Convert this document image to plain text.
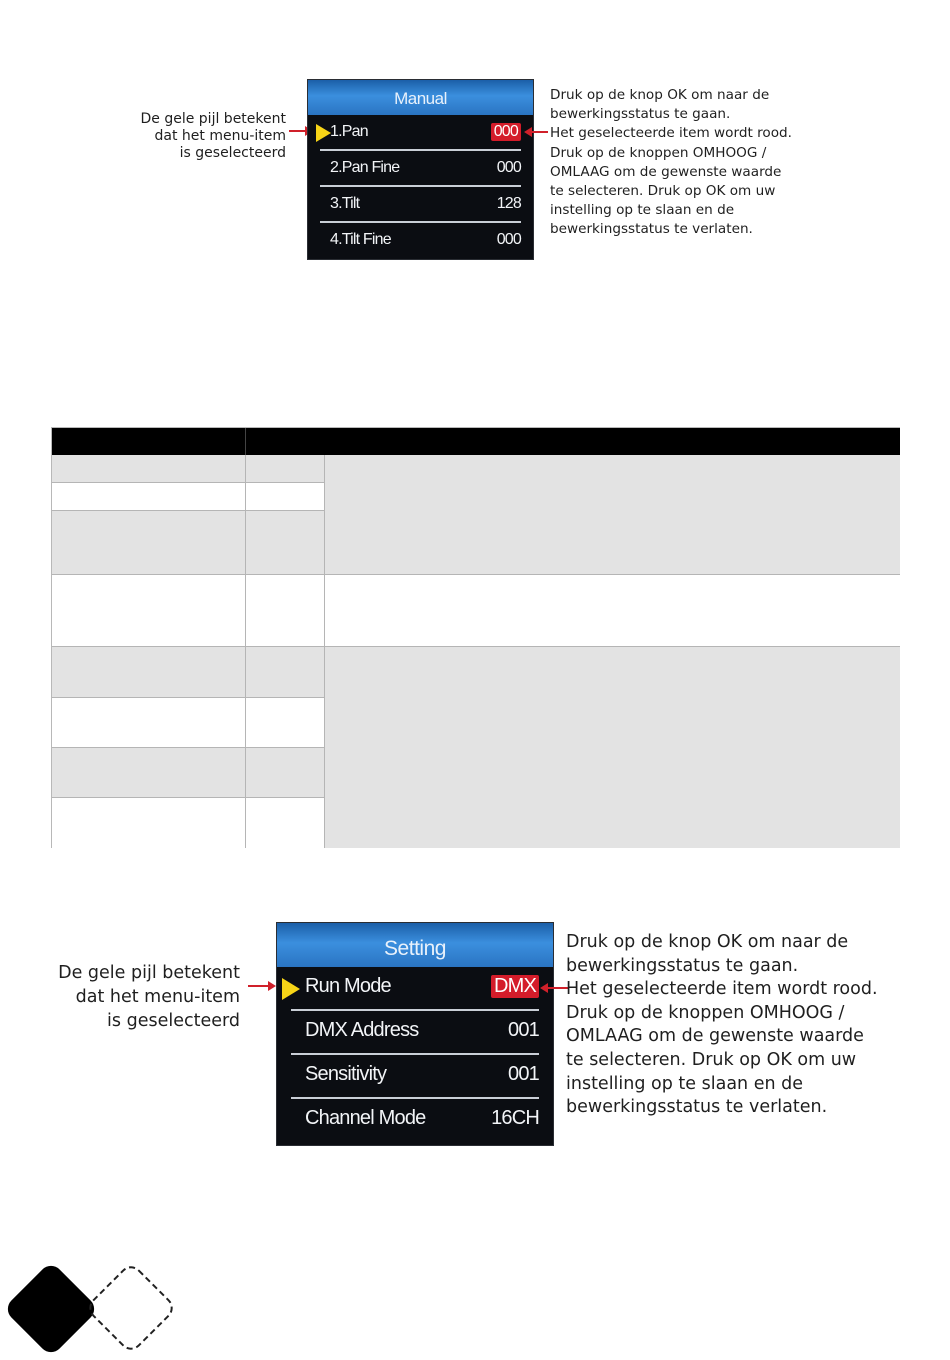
De gele pijl betekent
dat het menu-item
is geselecteerd
Manual
1.Pan	000
2.Pan Fine	000
3.Tilt	128
4.Tilt Fine	000
Druk op de knop OK om naar de
bewerkingsstatus te gaan.
Het geselecteerde item wordt rood.
Druk op de knoppen OMHOOG /
OMLAAG om de gewenste waarde
te selecteren. Druk op OK om uw
instelling op te slaan en de
bewerkingsstatus te verlaten.
De gele pijl betekent
dat het menu-item
is geselecteerd
Setting
Run Mode	DMX
DMX Address	001
Sensitivity	001
Channel Mode	16CH
Druk op de knop OK om naar de
bewerkingsstatus te gaan.
Het geselecteerde item wordt rood.
Druk op de knoppen OMHOOG /
OMLAAG om de gewenste waarde
te selecteren. Druk op OK om uw
instelling op te slaan en de
bewerkingsstatus te verlaten.
